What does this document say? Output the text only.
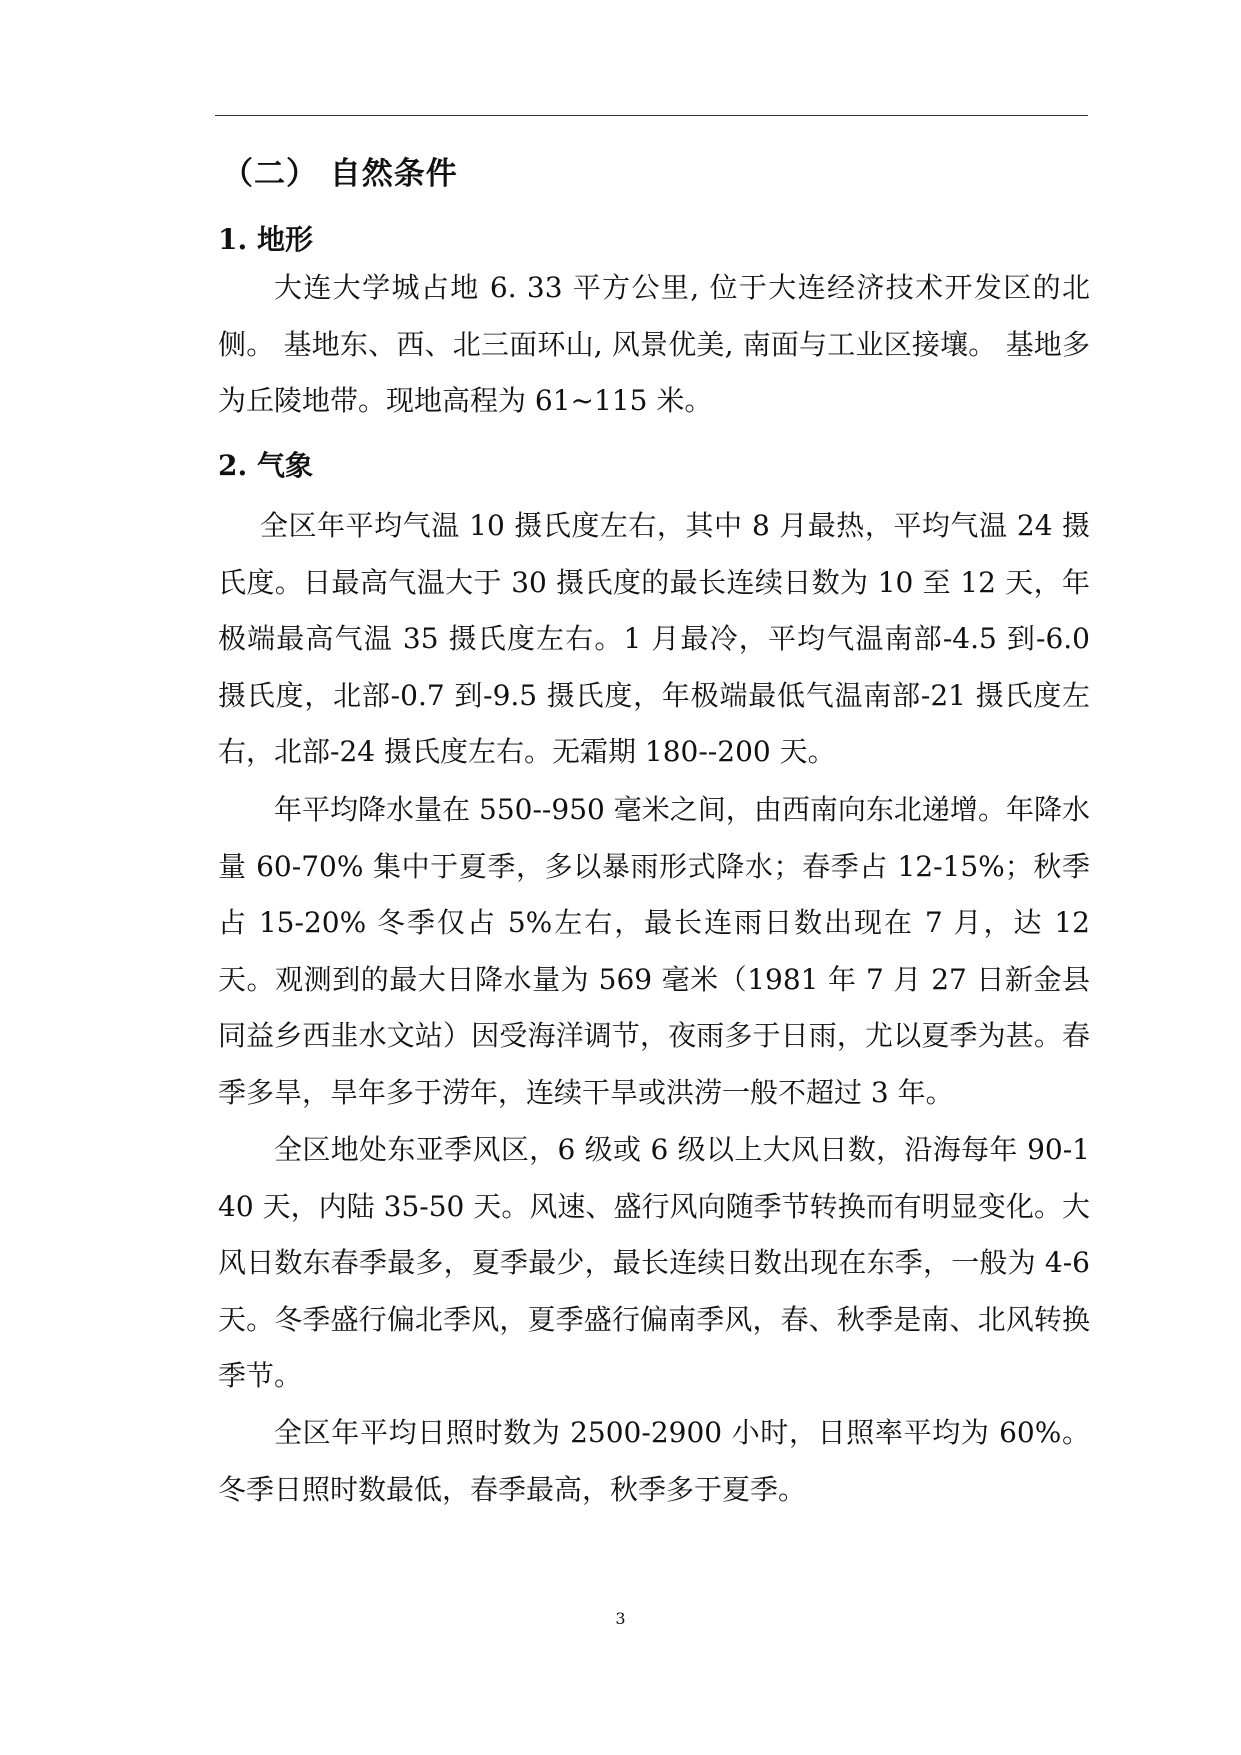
（二） 自然条件
1. 地形

大连大学城占地 6. 33 平方公里, 位于大连经济技术开发区的北侧。 基地东、西、北三面环山, 风景优美, 南面与工业区接壤。 基地多为丘陵地带。现地高程为 61~115 米。

2. 气象

全区年平均气温 10 摄氏度左右，其中 8 月最热，平均气温 24 摄氏度。日最高气温大于 30 摄氏度的最长连续日数为 10 至 12 天，年极端最高气温 35 摄氏度左右。1 月最冷，平均气温南部-4.5 到-6.0 摄氏度，北部-0.7 到-9.5 摄氏度，年极端最低气温南部-21 摄氏度左右，北部-24 摄氏度左右。无霜期 180--200 天。

年平均降水量在 550--950 毫米之间，由西南向东北递增。年降水量 60-70% 集中于夏季，多以暴雨形式降水；春季占 12-15%；秋季占 15-20% 冬季仅占 5%左右，最长连雨日数出现在 7 月，达 12 天。观测到的最大日降水量为 569 毫米（1981 年 7 月 27 日新金县同益乡西韭水文站）因受海洋调节，夜雨多于日雨，尤以夏季为甚。春季多旱，旱年多于涝年，连续干旱或洪涝一般不超过 3 年。

全区地处东亚季风区，6 级或 6 级以上大风日数，沿海每年 90-140 天，内陆 35-50 天。风速、盛行风向随季节转换而有明显变化。大风日数东春季最多，夏季最少，最长连续日数出现在东季，一般为 4-6 天。冬季盛行偏北季风，夏季盛行偏南季风，春、秋季是南、北风转换季节。

全区年平均日照时数为 2500-2900 小时，日照率平均为 60%。冬季日照时数最低，春季最高，秋季多于夏季。

3
